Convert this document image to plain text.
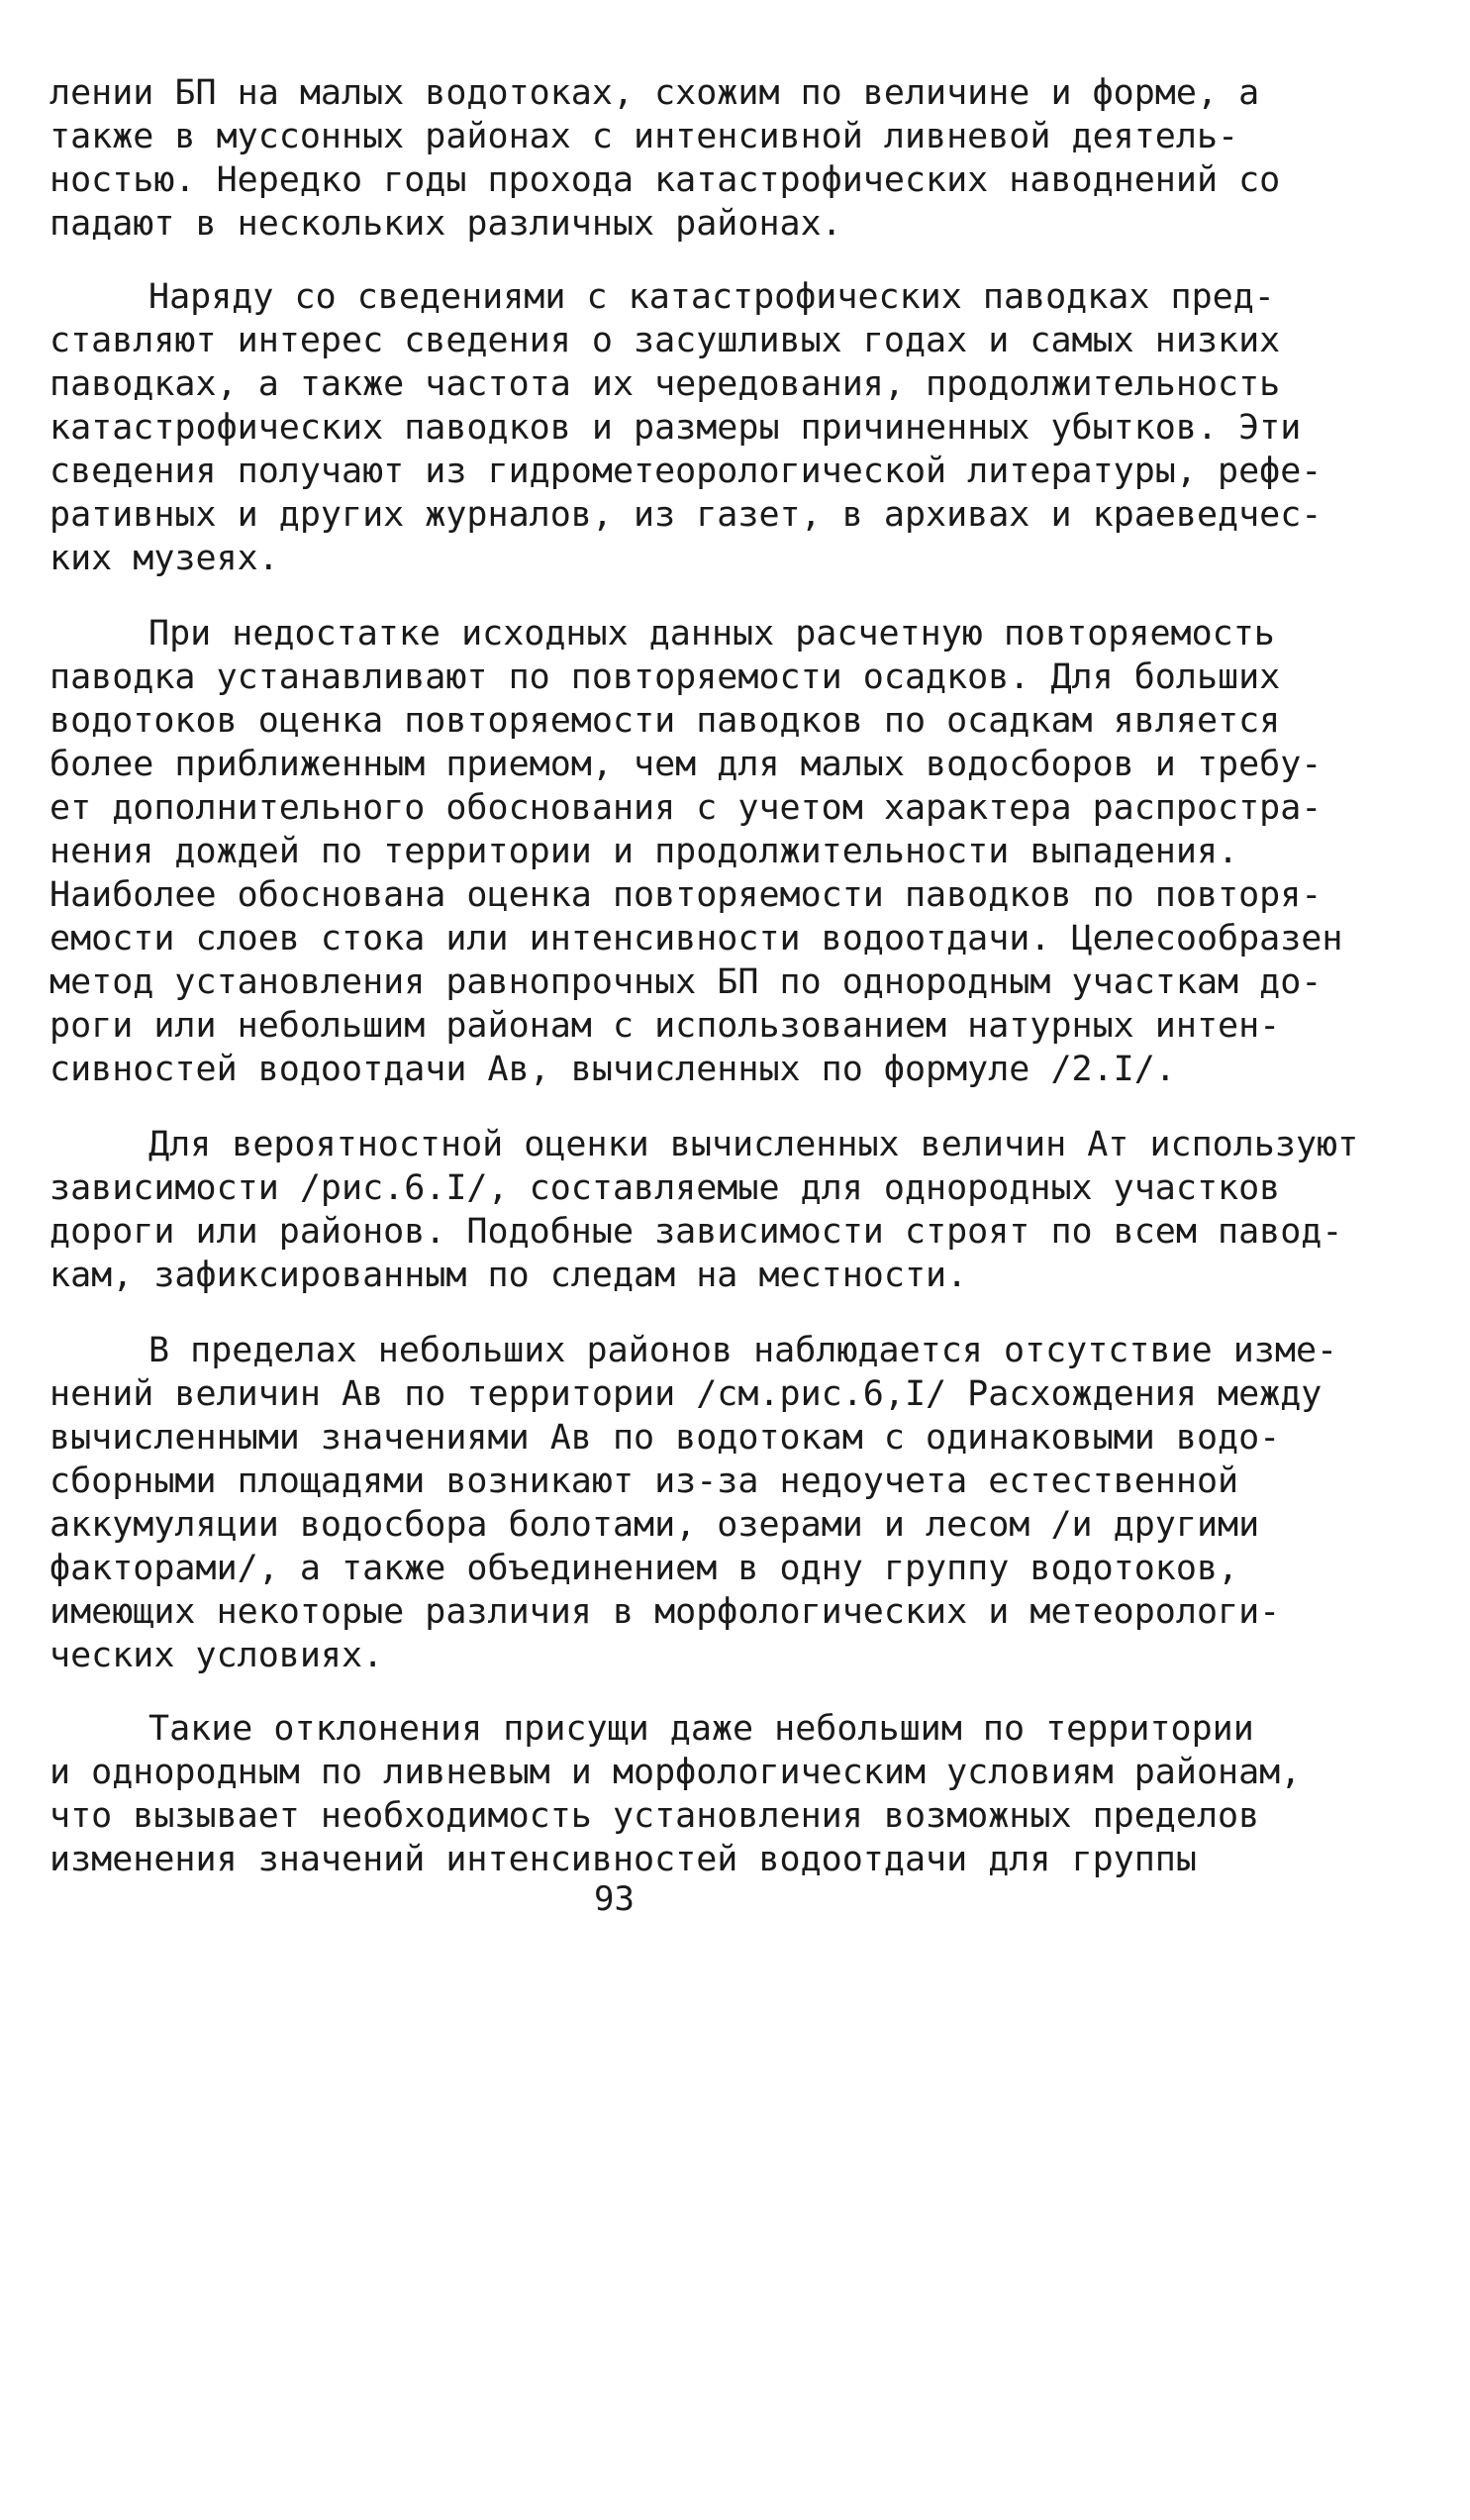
лении БП на малых водотоках, схожим по величине и форме, а
также в муссонных районах с интенсивной ливневой деятель-
ностью. Нередко годы прохода катастрофических наводнений со
падают в нескольких различных районах.
Наряду со сведениями с катастрофических паводках пред-
ставляют интерес сведения о засушливых годах и самых низких
паводках, а также частота их чередования, продолжительность
катастрофических паводков и размеры причиненных убытков. Эти
сведения получают из гидрометеорологической литературы, рефе-
ративных и других журналов, из газет, в архивах и краеведчес-
ких музеях.
При недостатке исходных данных расчетную повторяемость
паводка устанавливают по повторяемости осадков. Для больших
водотоков оценка повторяемости паводков по осадкам является
более приближенным приемом, чем для малых водосборов и требу-
ет дополнительного обоснования с учетом характера распростра-
нения дождей по территории и продолжительности выпадения.
Наиболее обоснована оценка повторяемости паводков по повторя-
емости слоев стока или интенсивности водоотдачи. Целесообразен
метод установления равнопрочных БП по однородным участкам до-
роги или небольшим районам с использованием натурных интен-
сивностей водоотдачи Aв, вычисленных по формуле /2.I/.
Для вероятностной оценки вычисленных величин Aт используют
зависимости /рис.6.I/, составляемые для однородных участков
дороги или районов. Подобные зависимости строят по всем павод-
кам, зафиксированным по следам на местности.
В пределах небольших районов наблюдается отсутствие измe-
нений величин Aв по территории /см.рис.6,I/ Расхождения между
вычисленными значениями Aв по водотокам с одинаковыми водо-
сборными площадями возникают из-за недоучета естественной
аккумуляции водосбора болотами, озерами и лесом /и другими
факторами/, а также объединением в одну группу водотоков,
имеющих некоторые различия в морфологических и метеорологи-
ческих условиях.
Такие отклонения присущи даже небольшим по территории
и однородным по ливневым и морфологическим условиям районам,
что вызывает необходимость установления возможных пределов
изменения значений интенсивностей водоотдачи для группы
93
